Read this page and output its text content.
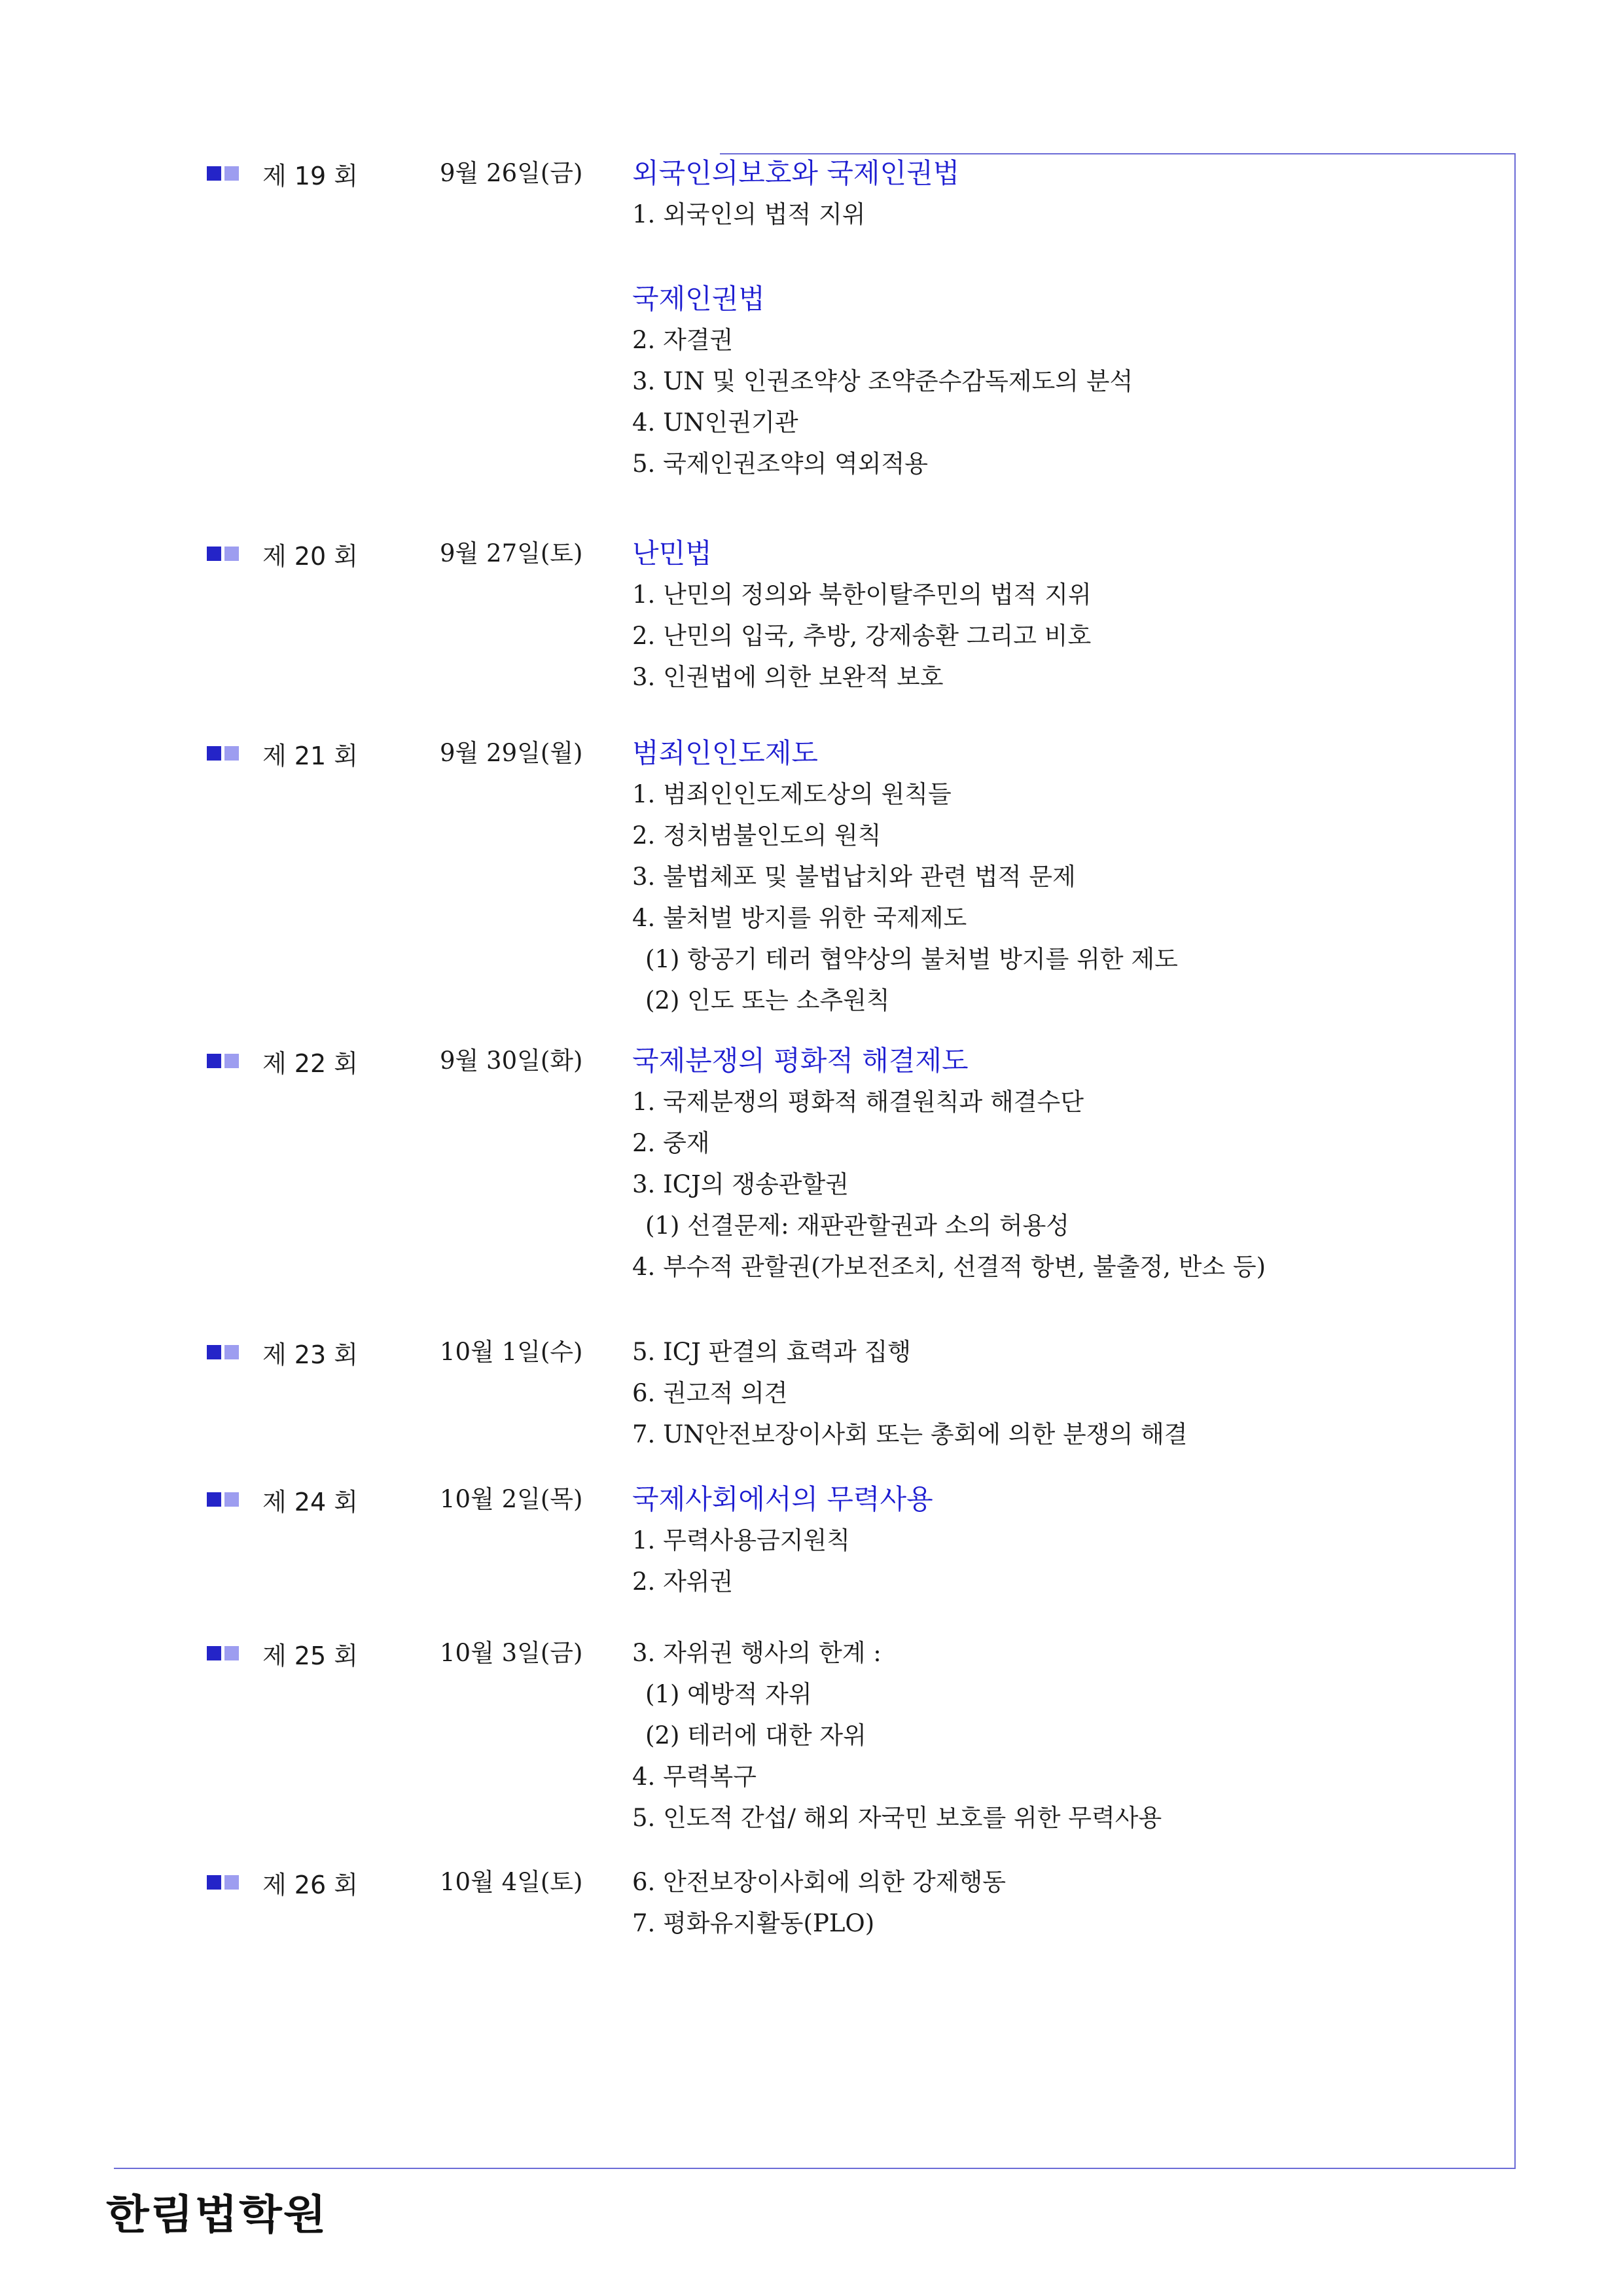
제 19 회	9월 26일(금) 외국인의보호와 국제인권법
1. 외국인의 법적 지위
국제인권법
2. 자결권
3. UN 및 인권조약상 조약준수감독제도의 분석
4. UN인권기관
5. 국제인권조약의 역외적용
제 20 회	9월 27일(토) 난민법
1. 난민의 정의와 북한이탈주민의 법적 지위
2. 난민의 입국, 추방, 강제송환 그리고 비호
3. 인권법에 의한 보완적 보호
제 21 회	9월 29일(월) 범죄인인도제도
1. 범죄인인도제도상의 원칙들
2. 정치범불인도의 원칙
3. 불법체포 및 불법납치와 관련 법적 문제
4. 불처벌 방지를 위한 국제제도
(1) 항공기 테러 협약상의 불처벌 방지를 위한 제도
(2) 인도 또는 소추원칙
제 22 회	9월 30일(화) 국제분쟁의 평화적 해결제도
1. 국제분쟁의 평화적 해결원칙과 해결수단
2. 중재
3. ICJ의 쟁송관할권
(1) 선결문제: 재판관할권과 소의 허용성
4. 부수적 관할권(가보전조치, 선결적 항변, 불출정, 반소 등)
제 23 회	10월 1일(수) 5. ICJ 판결의 효력과 집행
6. 권고적 의견
7. UN안전보장이사회 또는 총회에 의한 분쟁의 해결
제 24 회	10월 2일(목) 국제사회에서의 무력사용
1. 무력사용금지원칙
2. 자위권
제 25 회	10월 3일(금) 3. 자위권 행사의 한계 :
(1) 예방적 자위
(2) 테러에 대한 자위
4. 무력복구
5. 인도적 간섭/ 해외 자국민 보호를 위한 무력사용
제 26 회	10월 4일(토) 6. 안전보장이사회에 의한 강제행동
7. 평화유지활동(PLO)
한림법학원
